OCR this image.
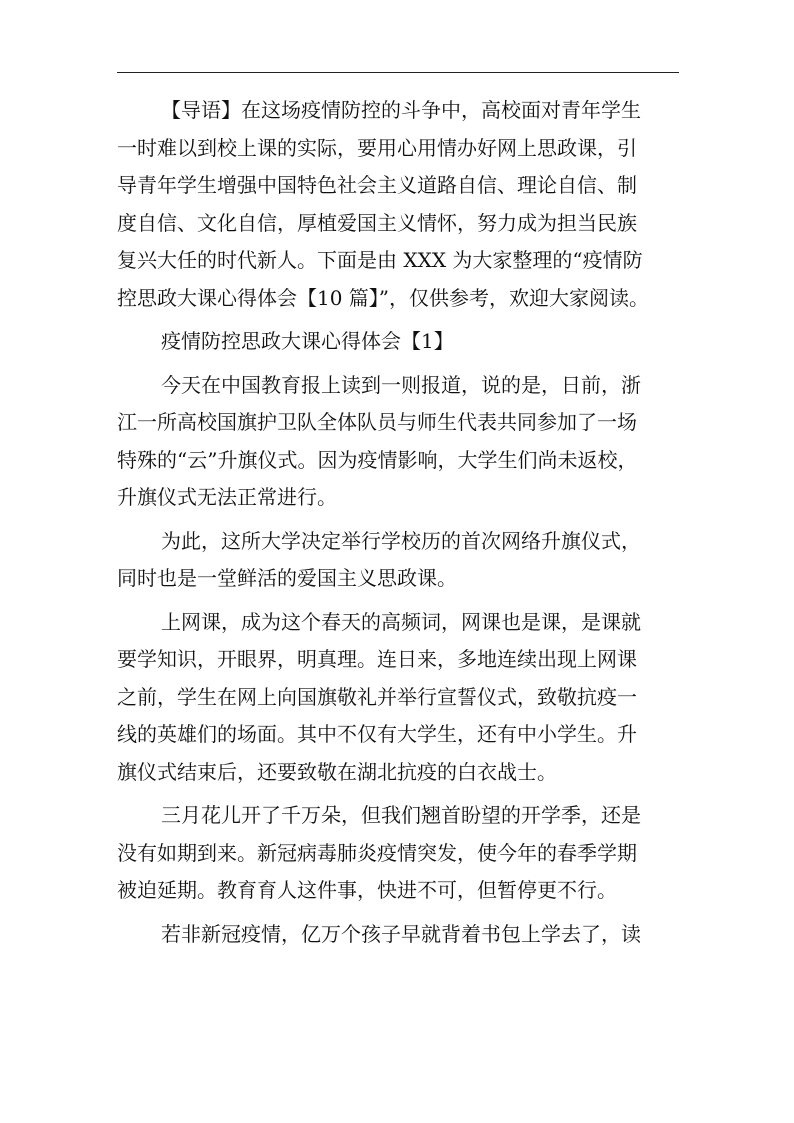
【导语】在这场疫情防控的斗争中，高校面对青年学生
一时难以到校上课的实际，要用心用情办好网上思政课，引
导青年学生增强中国特色社会主义道路自信、理论自信、制
度自信、文化自信，厚植爱国主义情怀，努力成为担当民族
复兴大任的时代新人。下面是由 XXX 为大家整理的“疫情防
控思政大课心得体会【10 篇】”，仅供参考，欢迎大家阅读。

疫情防控思政大课心得体会【1】

今天在中国教育报上读到一则报道，说的是，日前，浙
江一所高校国旗护卫队全体队员与师生代表共同参加了一场
特殊的“云”升旗仪式。因为疫情影响，大学生们尚未返校，
升旗仪式无法正常进行。

为此，这所大学决定举行学校历的首次网络升旗仪式，
同时也是一堂鲜活的爱国主义思政课。

上网课，成为这个春天的高频词，网课也是课，是课就
要学知识，开眼界，明真理。连日来，多地连续出现上网课
之前，学生在网上向国旗敬礼并举行宣誓仪式，致敬抗疫一
线的英雄们的场面。其中不仅有大学生，还有中小学生。升
旗仪式结束后，还要致敬在湖北抗疫的白衣战士。

三月花儿开了千万朵，但我们翘首盼望的开学季，还是
没有如期到来。新冠病毒肺炎疫情突发，使今年的春季学期
被迫延期。教育育人这件事，快进不可，但暂停更不行。

若非新冠疫情，亿万个孩子早就背着书包上学去了，读
